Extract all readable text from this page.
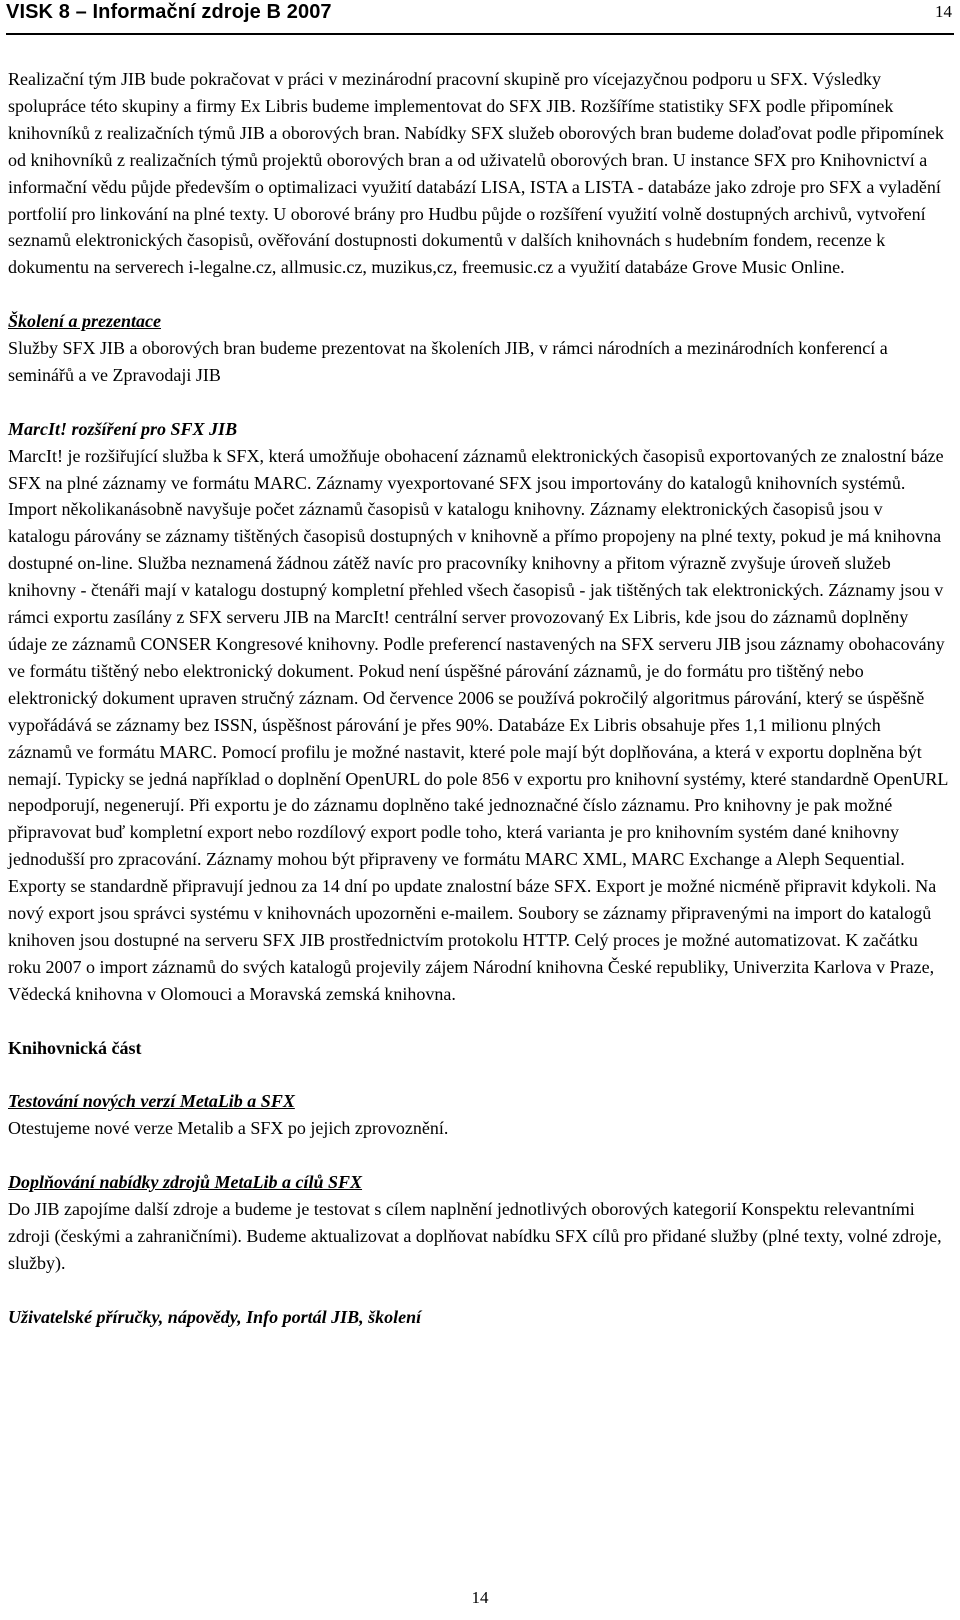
VISK 8 – Informační zdroje B 2007	14

Realizační tým JIB bude pokračovat v práci v mezinárodní pracovní skupině pro vícejazyčnou podporu u SFX. Výsledky spolupráce této skupiny a firmy Ex Libris budeme implementovat do SFX JIB. Rozšíříme statistiky SFX podle připomínek knihovníků z realizačních týmů JIB a oborových bran. Nabídky SFX služeb oborových bran budeme dolaďovat podle připomínek od knihovníků z realizačních týmů projektů oborových bran a od uživatelů oborových bran. U instance SFX pro Knihovnictví a informační vědu půjde především o optimalizaci využití databází LISA, ISTA a LISTA - databáze jako zdroje pro SFX a vyladění portfolií pro linkování na plné texty. U oborové brány pro Hudbu půjde o rozšíření využití volně dostupných archivů, vytvoření seznamů elektronických časopisů, ověřování dostupnosti dokumentů v dalších knihovnách s hudebním fondem, recenze k dokumentu na serverech i-legalne.cz, allmusic.cz, muzikus,cz, freemusic.cz a využití databáze Grove Music Online.

Školení a prezentace

Služby SFX JIB a oborových bran budeme prezentovat na školeních JIB, v rámci národních a mezinárodních konferencí a seminářů a ve Zpravodaji JIB

MarcIt! rozšíření pro SFX JIB

MarcIt! je rozšiřující služba k SFX, která umožňuje obohacení záznamů elektronických časopisů exportovaných ze znalostní báze SFX na plné záznamy ve formátu MARC. Záznamy vyexportované SFX jsou importovány do katalogů knihovních systémů. Import několikanásobně navyšuje počet záznamů časopisů v katalogu knihovny. Záznamy elektronických časopisů jsou v katalogu párovány se záznamy tištěných časopisů dostupných v knihovně a přímo propojeny na plné texty, pokud je má knihovna dostupné on-line. Služba neznamená žádnou zátěž navíc pro pracovníky knihovny a přitom výrazně zvyšuje úroveň služeb knihovny - čtenáři mají v katalogu dostupný kompletní přehled všech časopisů - jak tištěných tak elektronických. Záznamy jsou v rámci exportu zasílány z SFX serveru JIB na MarcIt! centrální server provozovaný Ex Libris, kde jsou do záznamů doplněny údaje ze záznamů CONSER Kongresové knihovny. Podle preferencí nastavených na SFX serveru JIB jsou záznamy obohacovány ve formátu tištěný nebo elektronický dokument. Pokud není úspěšné párování záznamů, je do formátu pro tištěný nebo elektronický dokument upraven stručný záznam. Od července 2006 se používá pokročilý algoritmus párování, který se úspěšně vypořádává se záznamy bez ISSN, úspěšnost párování je přes 90%. Databáze Ex Libris obsahuje přes 1,1 milionu plných záznamů ve formátu MARC. Pomocí profilu je možné nastavit, které pole mají být doplňována, a která v exportu doplněna být nemají. Typicky se jedná například o doplnění OpenURL do pole 856 v exportu pro knihovní systémy, které standardně OpenURL nepodporují, negenerují. Při exportu je do záznamu doplněno také jednoznačné číslo záznamu. Pro knihovny je pak možné připravovat buď kompletní export nebo rozdílový export podle toho, která varianta je pro knihovním systém dané knihovny jednodušší pro zpracování. Záznamy mohou být připraveny ve formátu MARC XML, MARC Exchange a Aleph Sequential. Exporty se standardně připravují jednou za 14 dní po update znalostní báze SFX. Export je možné nicméně připravit kdykoli. Na nový export jsou správci systému v knihovnách upozorněni e-mailem. Soubory se záznamy připravenými na import do katalogů knihoven jsou dostupné na serveru SFX JIB prostřednictvím protokolu HTTP. Celý proces je možné automatizovat. K začátku roku 2007 o import záznamů do svých katalogů projevily zájem Národní knihovna České republiky, Univerzita Karlova v Praze, Vědecká knihovna v Olomouci a Moravská zemská knihovna.

Knihovnická část

Testování nových verzí MetaLib a SFX

Otestujeme nové verze Metalib a SFX po jejich zprovoznění.

Doplňování nabídky zdrojů MetaLib a cílů SFX

Do JIB zapojíme další zdroje a budeme je testovat s cílem naplnění jednotlivých oborových kategorií Konspektu relevantními zdroji (českými a zahraničními). Budeme aktualizovat a doplňovat nabídku SFX cílů pro přidané služby (plné texty, volné zdroje, služby).

Uživatelské příručky, nápovědy, Info portál JIB, školení

14
